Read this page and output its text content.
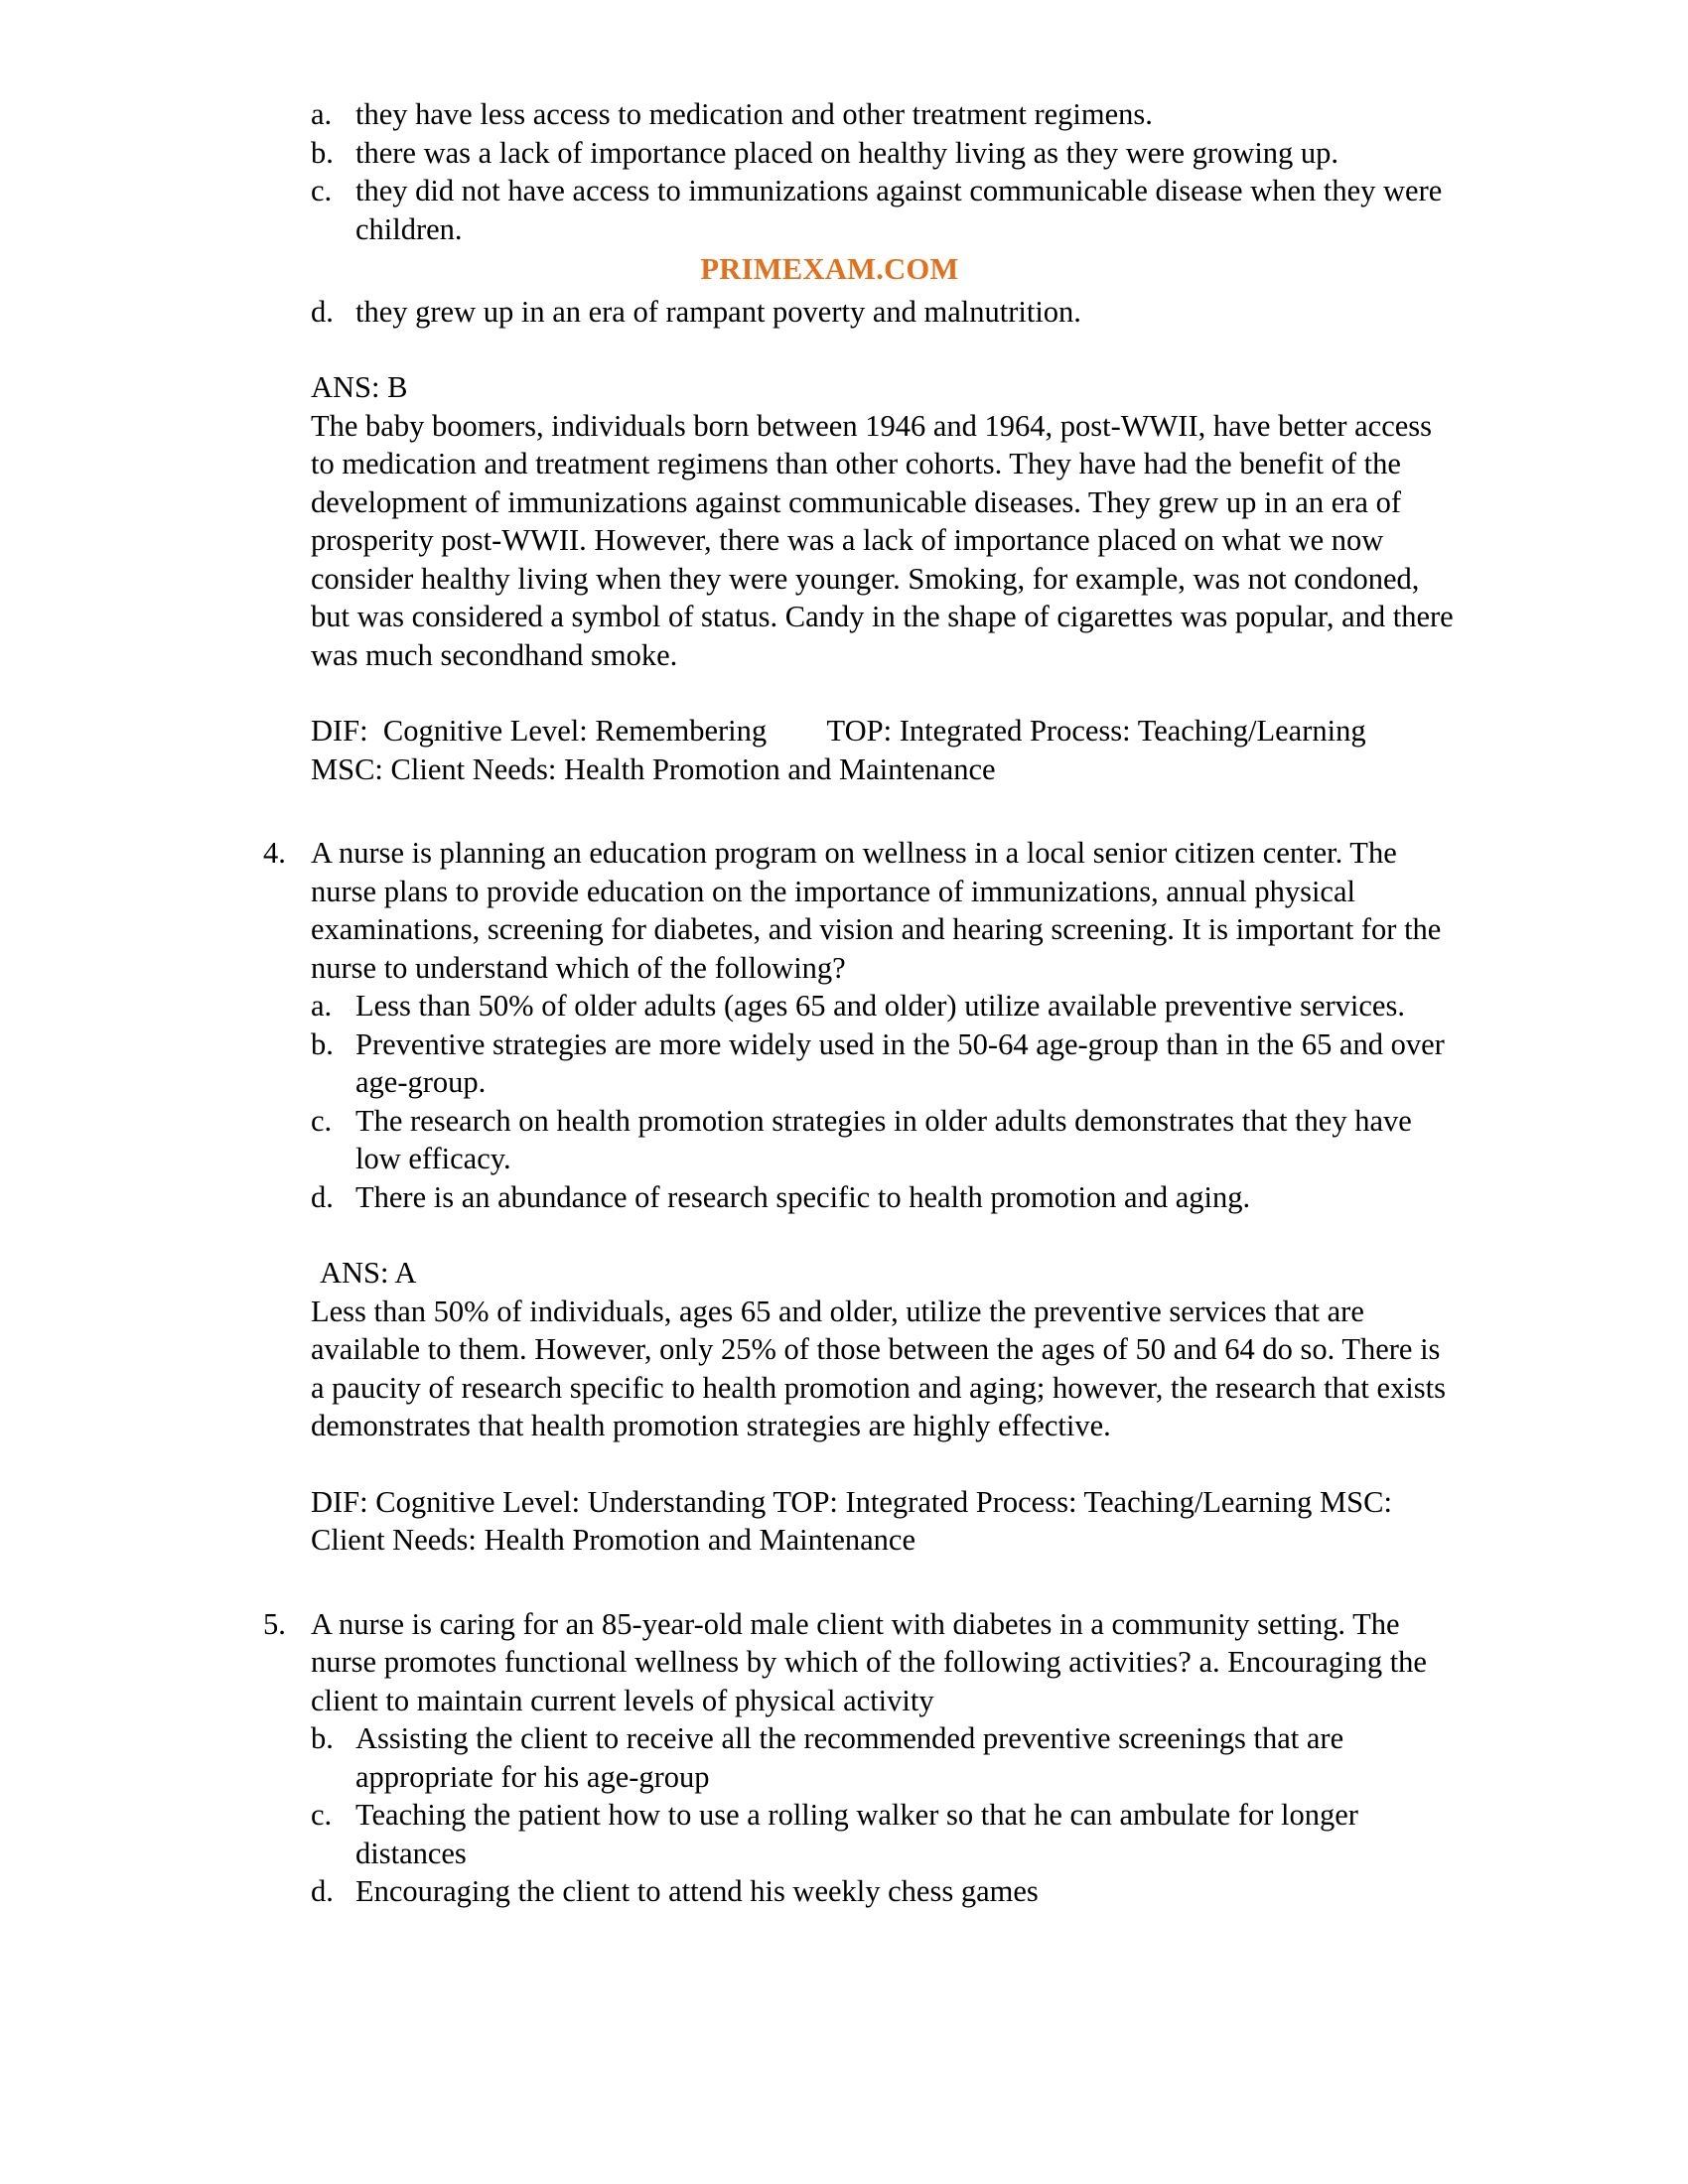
a. they have less access to medication and other treatment regimens.
b. there was a lack of importance placed on healthy living as they were growing up.
c. they did not have access to immunizations against communicable disease when they were children.
PRIMEXAM.COM
d. they grew up in an era of rampant poverty and malnutrition.
ANS: B
The baby boomers, individuals born between 1946 and 1964, post-WWII, have better access to medication and treatment regimens than other cohorts. They have had the benefit of the development of immunizations against communicable diseases. They grew up in an era of prosperity post-WWII. However, there was a lack of importance placed on what we now consider healthy living when they were younger. Smoking, for example, was not condoned, but was considered a symbol of status. Candy in the shape of cigarettes was popular, and there was much secondhand smoke.
DIF:  Cognitive Level: Remembering        TOP: Integrated Process: Teaching/Learning
MSC: Client Needs: Health Promotion and Maintenance
4. A nurse is planning an education program on wellness in a local senior citizen center. The nurse plans to provide education on the importance of immunizations, annual physical examinations, screening for diabetes, and vision and hearing screening. It is important for the nurse to understand which of the following?
a. Less than 50% of older adults (ages 65 and older) utilize available preventive services.
b. Preventive strategies are more widely used in the 50-64 age-group than in the 65 and over age-group.
c. The research on health promotion strategies in older adults demonstrates that they have low efficacy.
d. There is an abundance of research specific to health promotion and aging.
ANS: A
Less than 50% of individuals, ages 65 and older, utilize the preventive services that are available to them. However, only 25% of those between the ages of 50 and 64 do so. There is a paucity of research specific to health promotion and aging; however, the research that exists demonstrates that health promotion strategies are highly effective.
DIF: Cognitive Level: Understanding TOP: Integrated Process: Teaching/Learning MSC: Client Needs: Health Promotion and Maintenance
5. A nurse is caring for an 85-year-old male client with diabetes in a community setting. The nurse promotes functional wellness by which of the following activities? a. Encouraging the client to maintain current levels of physical activity
b. Assisting the client to receive all the recommended preventive screenings that are appropriate for his age-group
c. Teaching the patient how to use a rolling walker so that he can ambulate for longer distances
d. Encouraging the client to attend his weekly chess games
